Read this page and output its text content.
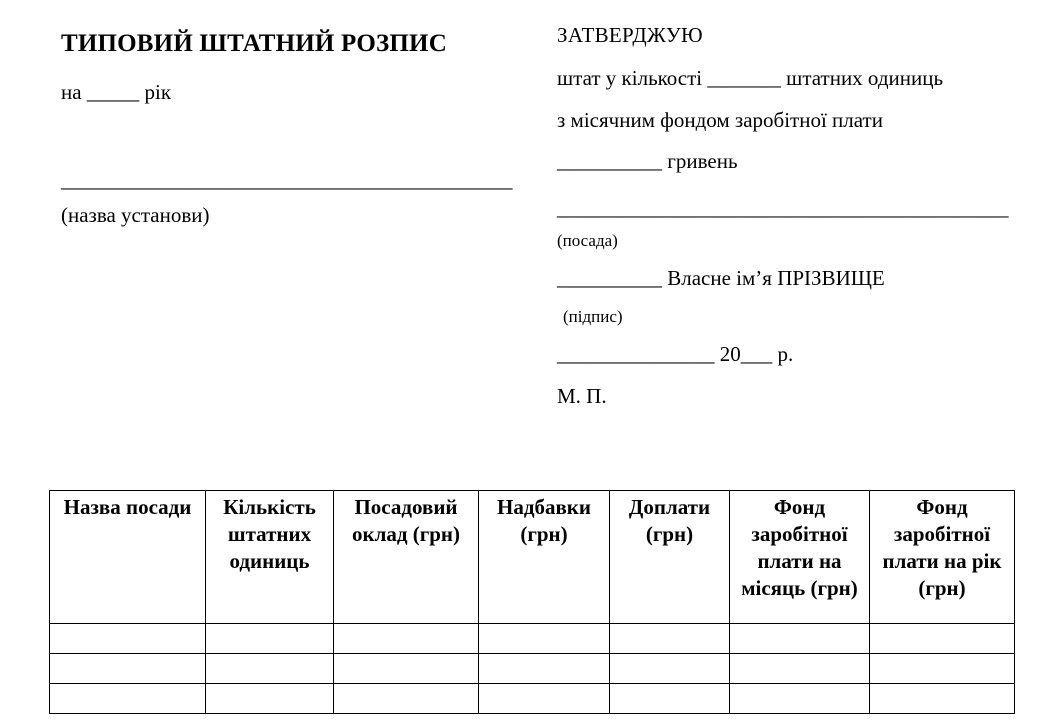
ТИПОВИЙ ШТАТНИЙ РОЗПИС
на _____ рік
___________________________________________
(назва установи)
ЗАТВЕРДЖУЮ
штат у кількості _______ штатних одиниць
з місячним фондом заробітної плати
__________ гривень
___________________________________________
(посада)
__________ Власне ім’я ПРІЗВИЩЕ
(підпис)
_______________ 20___ р.
М. П.
Назва посади	Кількість штатних одиниць	Посадовий оклад (грн)	Надбавки (грн)	Доплати (грн)	Фонд заробітної плати на місяць (грн)	Фонд заробітної плати на рік (грн)
